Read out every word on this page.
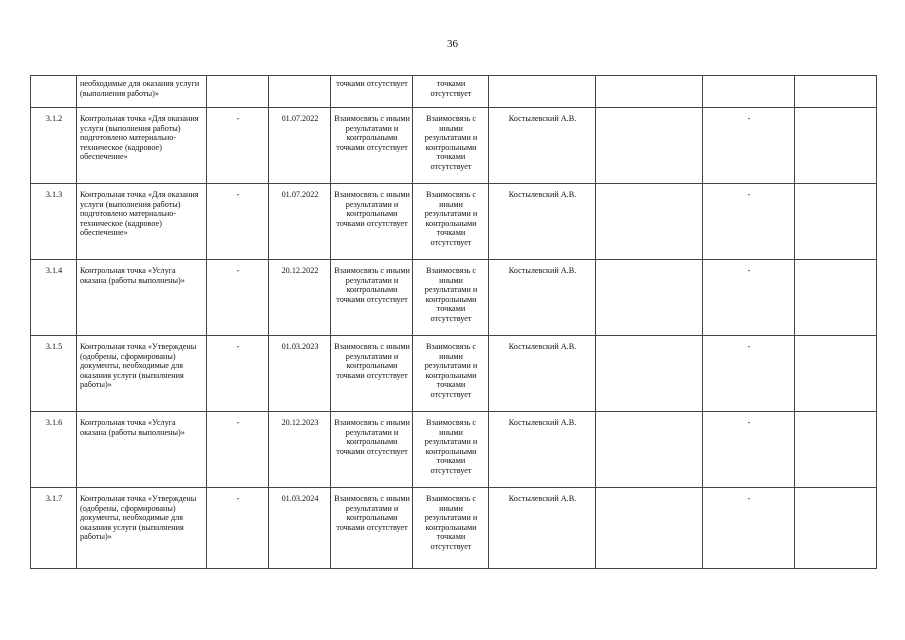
36
	необходимые для оказания услуги (выполнения работы)»			точками отсутствует	точками отсутствует				
3.1.2	Контрольная точка «Для оказания услуги (выполнения работы) подготовлено материально-техническое (кадровое) обеспечение»	-	01.07.2022	Взаимосвязь с иными результатами и контрольными точками отсутствует	Взаимосвязь с иными результатами и контрольными точками отсутствует	Костылевский А.В.		-	
3.1.3	Контрольная точка «Для оказания услуги (выполнения работы) подготовлено материально-техническое (кадровое) обеспечение»	-	01.07.2022	Взаимосвязь с иными результатами и контрольными точками отсутствует	Взаимосвязь с иными результатами и контрольными точками отсутствует	Костылевский А.В.		-	
3.1.4	Контрольная точка «Услуга оказана (работы выполнены)»	-	20.12.2022	Взаимосвязь с иными результатами и контрольными точками отсутствует	Взаимосвязь с иными результатами и контрольными точками отсутствует	Костылевский А.В.		-	
3.1.5	Контрольная точка «Утверждены (одобрены, сформированы) документы, необходимые для оказания услуги (выполнения работы)»	-	01.03.2023	Взаимосвязь с иными результатами и контрольными точками отсутствует	Взаимосвязь с иными результатами и контрольными точками отсутствует	Костылевский А.В.		-	
3.1.6	Контрольная точка «Услуга оказана (работы выполнены)»	-	20.12.2023	Взаимосвязь с иными результатами и контрольными точками отсутствует	Взаимосвязь с иными результатами и контрольными точками отсутствует	Костылевский А.В.		-	
3.1.7	Контрольная точка «Утверждены (одобрены, сформированы) документы, необходимые для оказания услуги (выполнения работы)»	-	01.03.2024	Взаимосвязь с иными результатами и контрольными точками отсутствует	Взаимосвязь с иными результатами и контрольными точками отсутствует	Костылевский А.В.		-	
